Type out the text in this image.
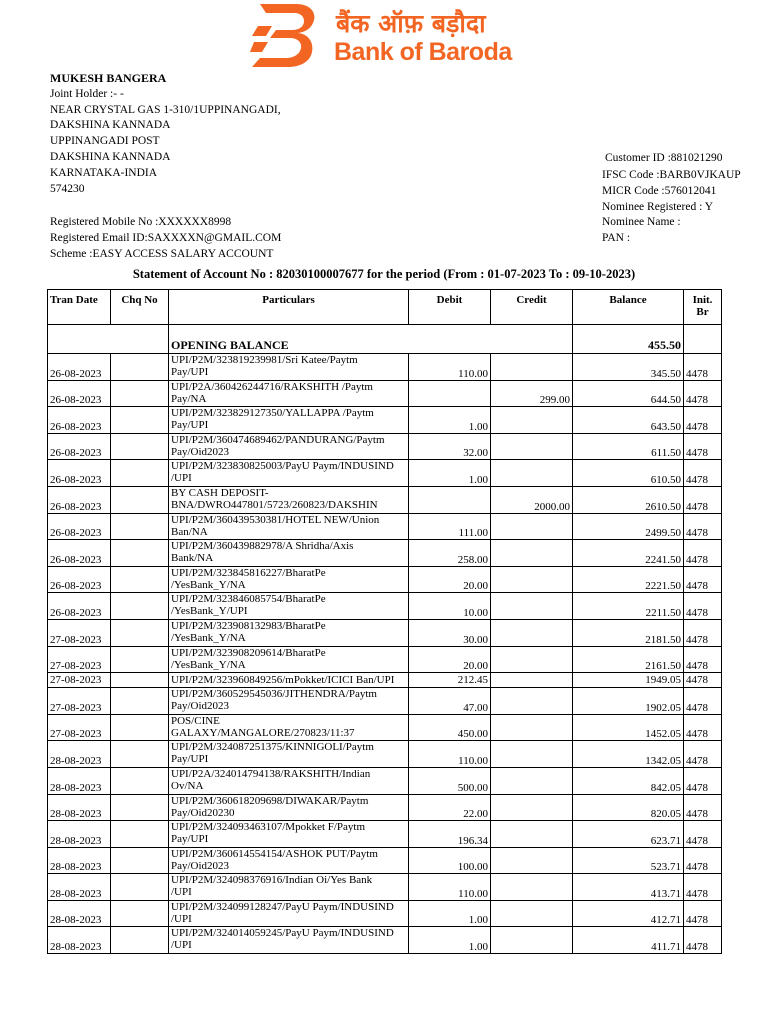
बैंक ऑफ़ बड़ौदा
Bank of Baroda
MUKESH BANGERA
Joint Holder :- -
NEAR CRYSTAL GAS 1-310/1UPPINANGADI,
DAKSHINA KANNADA
UPPINANGADI POST
DAKSHINA KANNADA
KARNATAKA-INDIA
574230
Registered Mobile No :XXXXXX8998
Registered Email ID:SAXXXXN@GMAIL.COM
Scheme :EASY ACCESS SALARY ACCOUNT
Customer ID :881021290
IFSC Code :BARB0VJKAUP
MICR Code :576012041
Nominee Registered : Y
Nominee Name :
PAN :
Statement of Account No : 82030100007677 for the period (From : 01-07-2023 To : 09-10-2023)
Tran Date	Chq No	Particulars	Debit	Credit	Balance	Init. Br
		OPENING BALANCE			455.50	
26-08-2023		UPI/P2M/323819239981/Sri Katee/Paytm
Pay/UPI	110.00		345.50	4478
26-08-2023		UPI/P2A/360426244716/RAKSHITH /Paytm
Pay/NA		299.00	644.50	4478
26-08-2023		UPI/P2M/323829127350/YALLAPPA /Paytm
Pay/UPI	1.00		643.50	4478
26-08-2023		UPI/P2M/360474689462/PANDURANG/Paytm
Pay/Oid2023	32.00		611.50	4478
26-08-2023		UPI/P2M/323830825003/PayU Paym/INDUSIND
/UPI	1.00		610.50	4478
26-08-2023		BY CASH DEPOSIT-
BNA/DWRO447801/5723/260823/DAKSHIN		2000.00	2610.50	4478
26-08-2023		UPI/P2M/360439530381/HOTEL NEW/Union
Ban/NA	111.00		2499.50	4478
26-08-2023		UPI/P2M/360439882978/A Shridha/Axis
Bank/NA	258.00		2241.50	4478
26-08-2023		UPI/P2M/323845816227/BharatPe
/YesBank_Y/NA	20.00		2221.50	4478
26-08-2023		UPI/P2M/323846085754/BharatPe
/YesBank_Y/UPI	10.00		2211.50	4478
27-08-2023		UPI/P2M/323908132983/BharatPe
/YesBank_Y/NA	30.00		2181.50	4478
27-08-2023		UPI/P2M/323908209614/BharatPe
/YesBank_Y/NA	20.00		2161.50	4478
27-08-2023		UPI/P2M/323960849256/mPokket/ICICI Ban/UPI	212.45		1949.05	4478
27-08-2023		UPI/P2M/360529545036/JITHENDRA/Paytm
Pay/Oid2023	47.00		1902.05	4478
27-08-2023		POS/CINE
GALAXY/MANGALORE/270823/11:37	450.00		1452.05	4478
28-08-2023		UPI/P2M/324087251375/KINNIGOLI/Paytm
Pay/UPI	110.00		1342.05	4478
28-08-2023		UPI/P2A/324014794138/RAKSHITH/Indian
Ov/NA	500.00		842.05	4478
28-08-2023		UPI/P2M/360618209698/DIWAKAR/Paytm
Pay/Oid20230	22.00		820.05	4478
28-08-2023		UPI/P2M/324093463107/Mpokket F/Paytm
Pay/UPI	196.34		623.71	4478
28-08-2023		UPI/P2M/360614554154/ASHOK PUT/Paytm
Pay/Oid2023	100.00		523.71	4478
28-08-2023		UPI/P2M/324098376916/Indian Oi/Yes Bank
/UPI	110.00		413.71	4478
28-08-2023		UPI/P2M/324099128247/PayU Paym/INDUSIND
/UPI	1.00		412.71	4478
28-08-2023		UPI/P2M/324014059245/PayU Paym/INDUSIND
/UPI	1.00		411.71	4478
